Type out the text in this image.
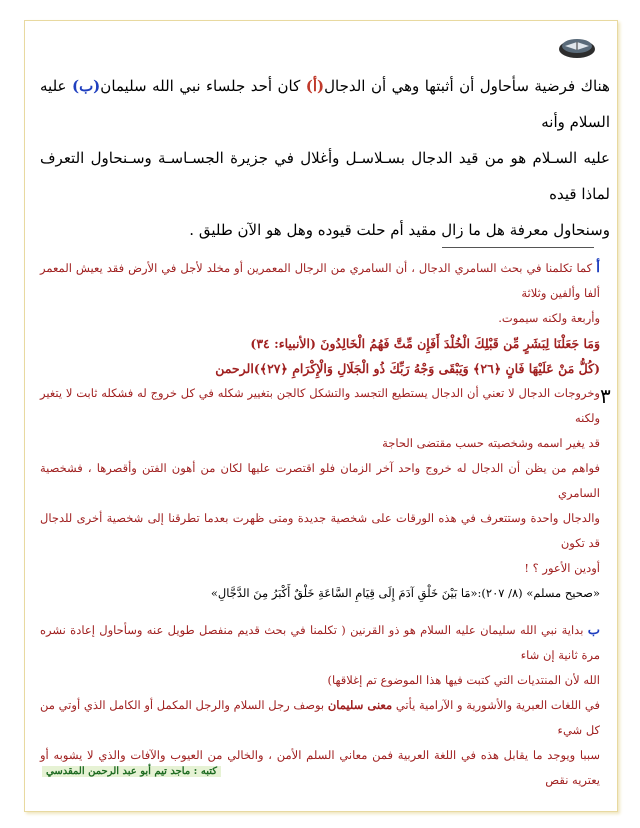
هناك فرضية سأحاول أن أثبتها وهي أن الدجال(أ) كان أحد جلساء نبي الله سليمان(ب) عليه السلام وأنه

عليه السـلام هو من قيد الدجال بسـلاسـل وأغلال في جزيرة الجسـاسـة وسـنحاول التعرف لماذا قيده

وسنحاول معرفة هل ما زال مقيد أم حلت قيوده وهل هو الآن طليق .

٣

أ كما تكلمنا في بحث السامري الدجال ، أن السامري من الرجال المعمرين أو مخلد لأجل في الأرض فقد يعيش المعمر ألفا وألفين وثلاثة

وأربعة ولكنه سيموت.

وَمَا جَعَلْنَا لِبَشَرٍ مِّن قَبْلِكَ الْخُلْدَ أَفَإِن مِّتَّ فَهُمُ الْخَالِدُونَ (الأنبياء: ٣٤)

(كُلُّ مَنْ عَلَيْهَا فَانٍ ﴿٢٦﴾ وَيَبْقَى وَجْهُ رَبِّكَ ذُو الْجَلَالِ وَالْإِكْرَامِ ﴿٢٧﴾)الرحمن

وخروجات الدجال لا تعني أن الدجال يستطيع التجسد والتشكل كالجن بتغيير شكله في كل خروج له فشكله ثابت لا يتغير ولكنه

قد يغير اسمه وشخصيته حسب مقتضى الحاجة

فواهم من يظن أن الدجال له خروج واحد آخر الزمان فلو اقتصرت عليها لكان من أهون الفتن وأقصرها ، فشخصية السامري

والدجال واحدة وستتعرف في هذه الورقات على شخصية جديدة ومتى ظهرت بعدما تطرقنا إلى شخصية أخرى للدجال قد تكون

أودين الأعور ؟ !

«صحيح مسلم» (٨/ ٢٠٧):«مَا بَيْنَ خَلْقِ آدَمَ إِلَى قِيَامِ السَّاعَةِ خَلْقٌ أَكْبَرُ مِنَ الدَّجَّالِ»

ب بداية نبي الله سليمان عليه السلام هو ذو القرنين ( تكلمنا في بحث قديم منفصل طويل عنه وسأحاول إعادة نشره مرة ثانية إن شاء

الله لأن المنتديات التي كتبت فيها هذا الموضوع تم إغلاقها)

في اللغات العبرية والأشورية و الآرامية يأتي معنى سليمان بوصف رجل السلام والرجل المكمل أو الكامل الذي أوتي من كل شيء

سببا ويوجد ما يقابل هذه في اللغة العربية فمن معاني السلم الأمن ، والخالي من العيوب والآفات والذي لا يشوبه أو يعتريه نقص

كتبه : ماجد تيم أبو عبد الرحمن المقدسي
